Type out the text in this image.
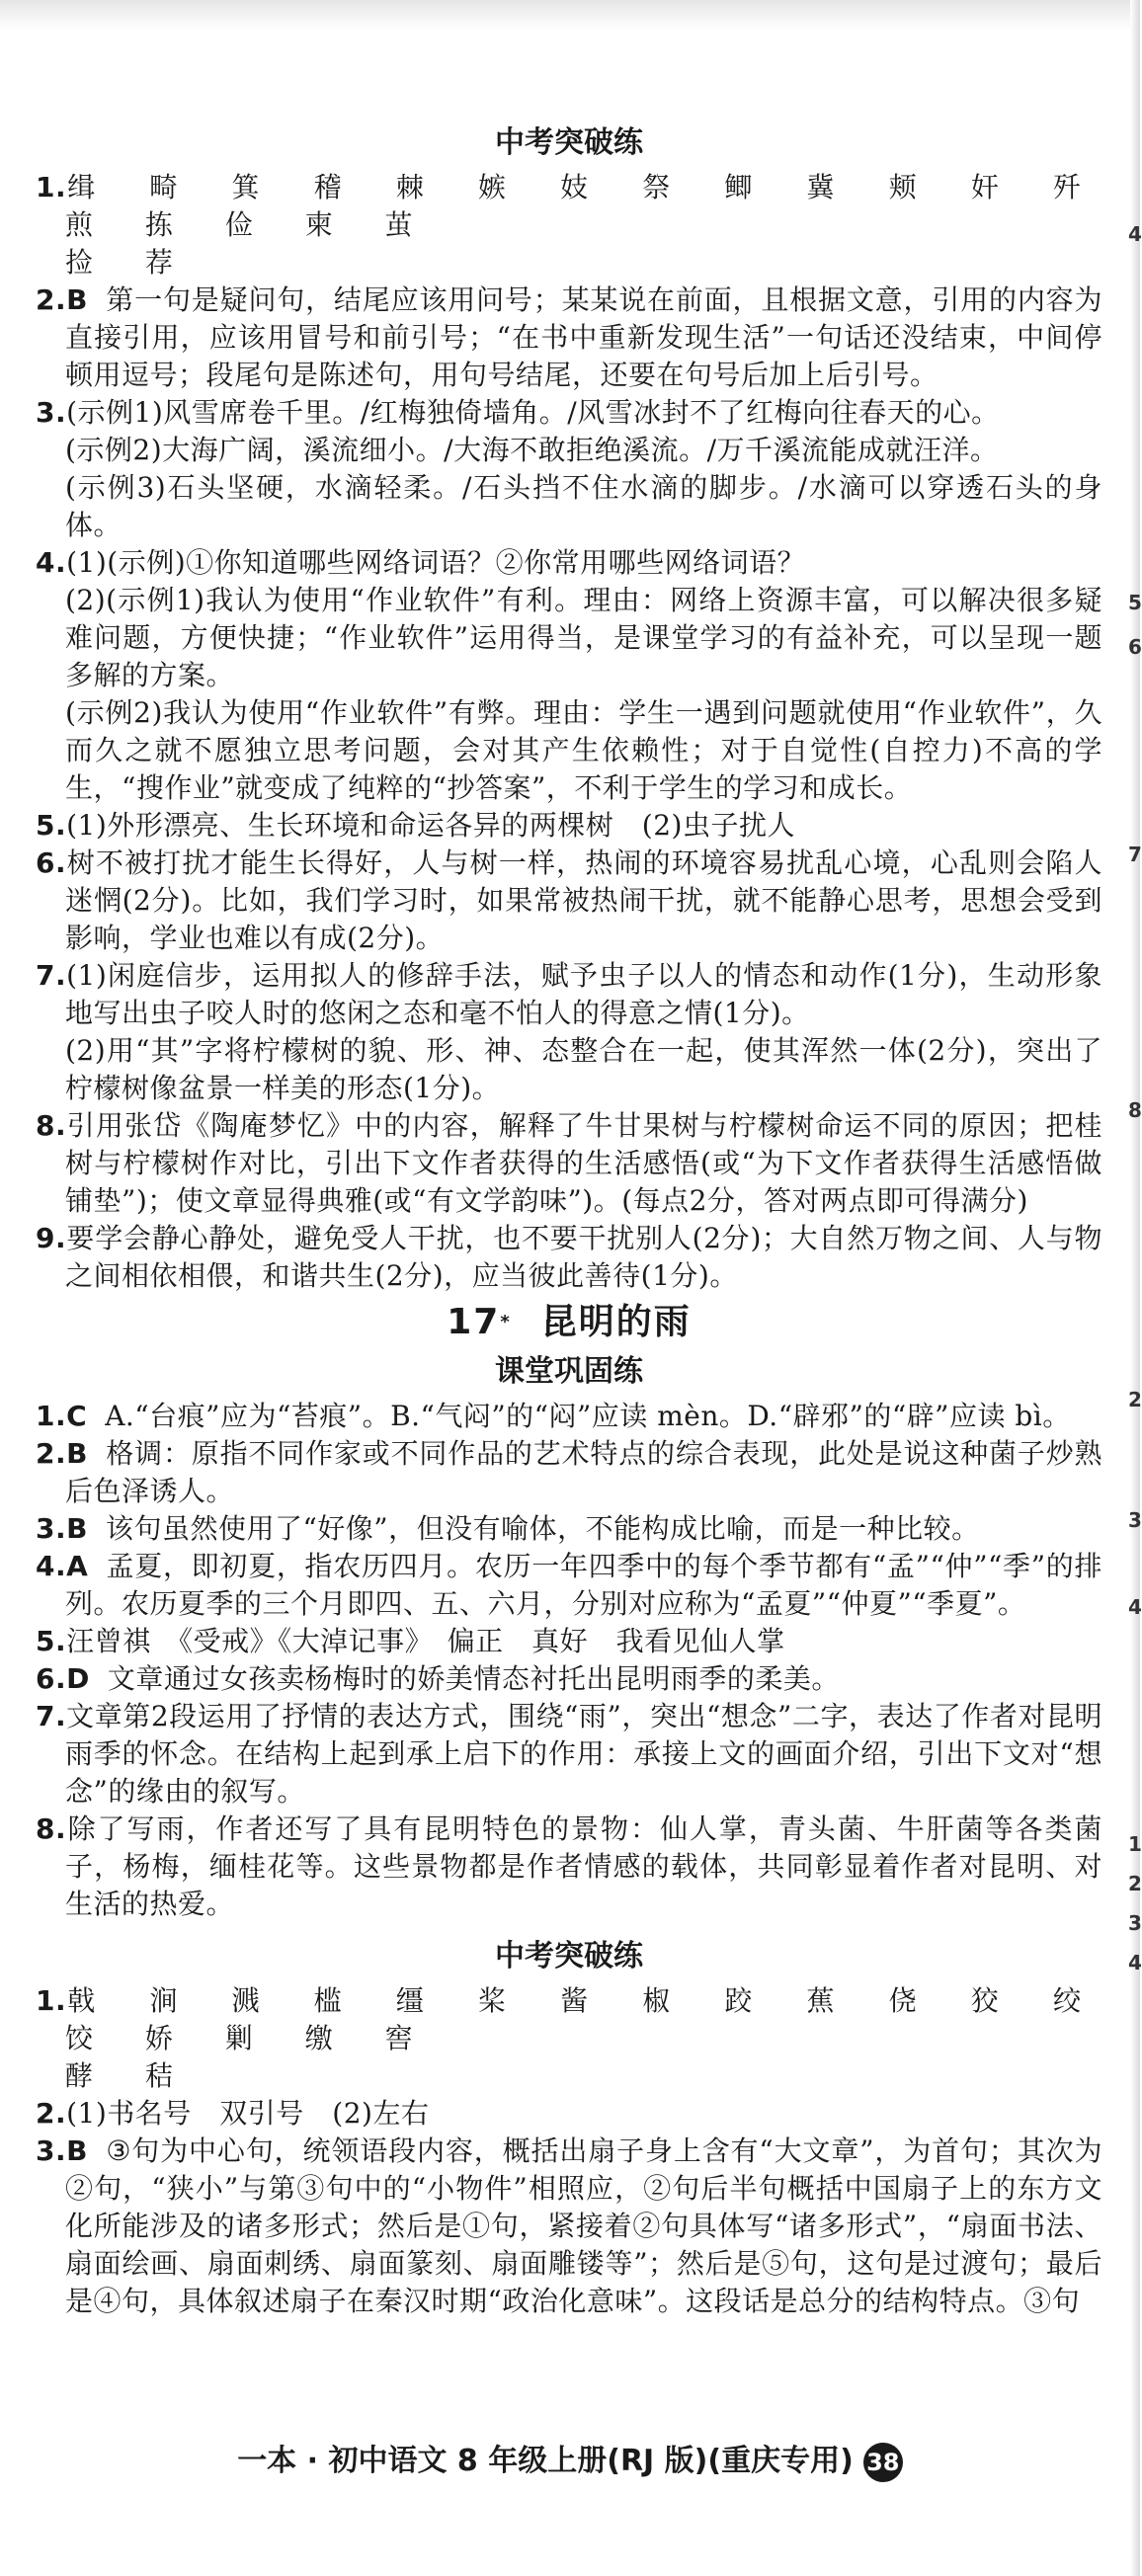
4
5
6
7
8
2
3
4
1
2
3
4
中考突破练

1.缉 畸 箕 稽 棘 嫉 妓 祭 鲫 冀 颊 奸 歼 煎 拣 俭 柬 茧

捡 荐

2.B 第一句是疑问句，结尾应该用问号；某某说在前面，且根据文意，引用的内容为直接引用，应该用冒号和前引号；“在书中重新发现生活”一句话还没结束，中间停顿用逗号；段尾句是陈述句，用句号结尾，还要在句号后加上后引号。

3.(示例1)风雪席卷千里。/红梅独倚墙角。/风雪冰封不了红梅向往春天的心。

(示例2)大海广阔，溪流细小。/大海不敢拒绝溪流。/万千溪流能成就汪洋。

(示例3)石头坚硬，水滴轻柔。/石头挡不住水滴的脚步。/水滴可以穿透石头的身体。

4.(1)(示例)①你知道哪些网络词语？②你常用哪些网络词语？

(2)(示例1)我认为使用“作业软件”有利。理由：网络上资源丰富，可以解决很多疑难问题，方便快捷；“作业软件”运用得当，是课堂学习的有益补充，可以呈现一题多解的方案。

(示例2)我认为使用“作业软件”有弊。理由：学生一遇到问题就使用“作业软件”，久而久之就不愿独立思考问题，会对其产生依赖性；对于自觉性(自控力)不高的学生，“搜作业”就变成了纯粹的“抄答案”，不利于学生的学习和成长。

5.(1)外形漂亮、生长环境和命运各异的两棵树　(2)虫子扰人

6.树不被打扰才能生长得好，人与树一样，热闹的环境容易扰乱心境，心乱则会陷人迷惘(2分)。比如，我们学习时，如果常被热闹干扰，就不能静心思考，思想会受到影响，学业也难以有成(2分)。

7.(1)闲庭信步，运用拟人的修辞手法，赋予虫子以人的情态和动作(1分)，生动形象地写出虫子咬人时的悠闲之态和毫不怕人的得意之情(1分)。

(2)用“其”字将柠檬树的貌、形、神、态整合在一起，使其浑然一体(2分)，突出了柠檬树像盆景一样美的形态(1分)。

8.引用张岱《陶庵梦忆》中的内容，解释了牛甘果树与柠檬树命运不同的原因；把桂树与柠檬树作对比，引出下文作者获得的生活感悟(或“为下文作者获得生活感悟做铺垫”)；使文章显得典雅(或“有文学韵味”)。(每点2分，答对两点即可得满分)

9.要学会静心静处，避免受人干扰，也不要干扰别人(2分)；大自然万物之间、人与物之间相依相偎，和谐共生(2分)，应当彼此善待(1分)。

17* 昆明的雨
课堂巩固练

1.C A.“台痕”应为“苔痕”。B.“气闷”的“闷”应读 mèn。D.“辟邪”的“辟”应读 bì。

2.B 格调：原指不同作家或不同作品的艺术特点的综合表现，此处是说这种菌子炒熟后色泽诱人。

3.B 该句虽然使用了“好像”，但没有喻体，不能构成比喻，而是一种比较。

4.A 孟夏，即初夏，指农历四月。农历一年四季中的每个季节都有“孟”“仲”“季”的排列。农历夏季的三个月即四、五、六月，分别对应称为“孟夏”“仲夏”“季夏”。

5.汪曾祺　《受戒》《大淖记事》　偏正　真好　我看见仙人掌

6.D 文章通过女孩卖杨梅时的娇美情态衬托出昆明雨季的柔美。

7.文章第2段运用了抒情的表达方式，围绕“雨”，突出“想念”二字，表达了作者对昆明雨季的怀念。在结构上起到承上启下的作用：承接上文的画面介绍，引出下文对“想念”的缘由的叙写。

8.除了写雨，作者还写了具有昆明特色的景物：仙人掌，青头菌、牛肝菌等各类菌子，杨梅，缅桂花等。这些景物都是作者情感的载体，共同彰显着作者对昆明、对生活的热爱。

中考突破练

1.戟 涧 溅 槛 缰 桨 酱 椒 跤 蕉 侥 狡 绞 饺 娇 剿 缴 窖

酵 秸

2.(1)书名号　双引号　(2)左右

3.B ③句为中心句，统领语段内容，概括出扇子身上含有“大文章”，为首句；其次为②句，“狭小”与第③句中的“小物件”相照应，②句后半句概括中国扇子上的东方文化所能涉及的诸多形式；然后是①句，紧接着②句具体写“诸多形式”，“扇面书法、扇面绘画、扇面刺绣、扇面篆刻、扇面雕镂等”；然后是⑤句，这句是过渡句；最后是④句，具体叙述扇子在秦汉时期“政治化意味”。这段话是总分的结构特点。③句

一本 · 初中语文 8 年级上册(RJ 版)(重庆专用) 38
